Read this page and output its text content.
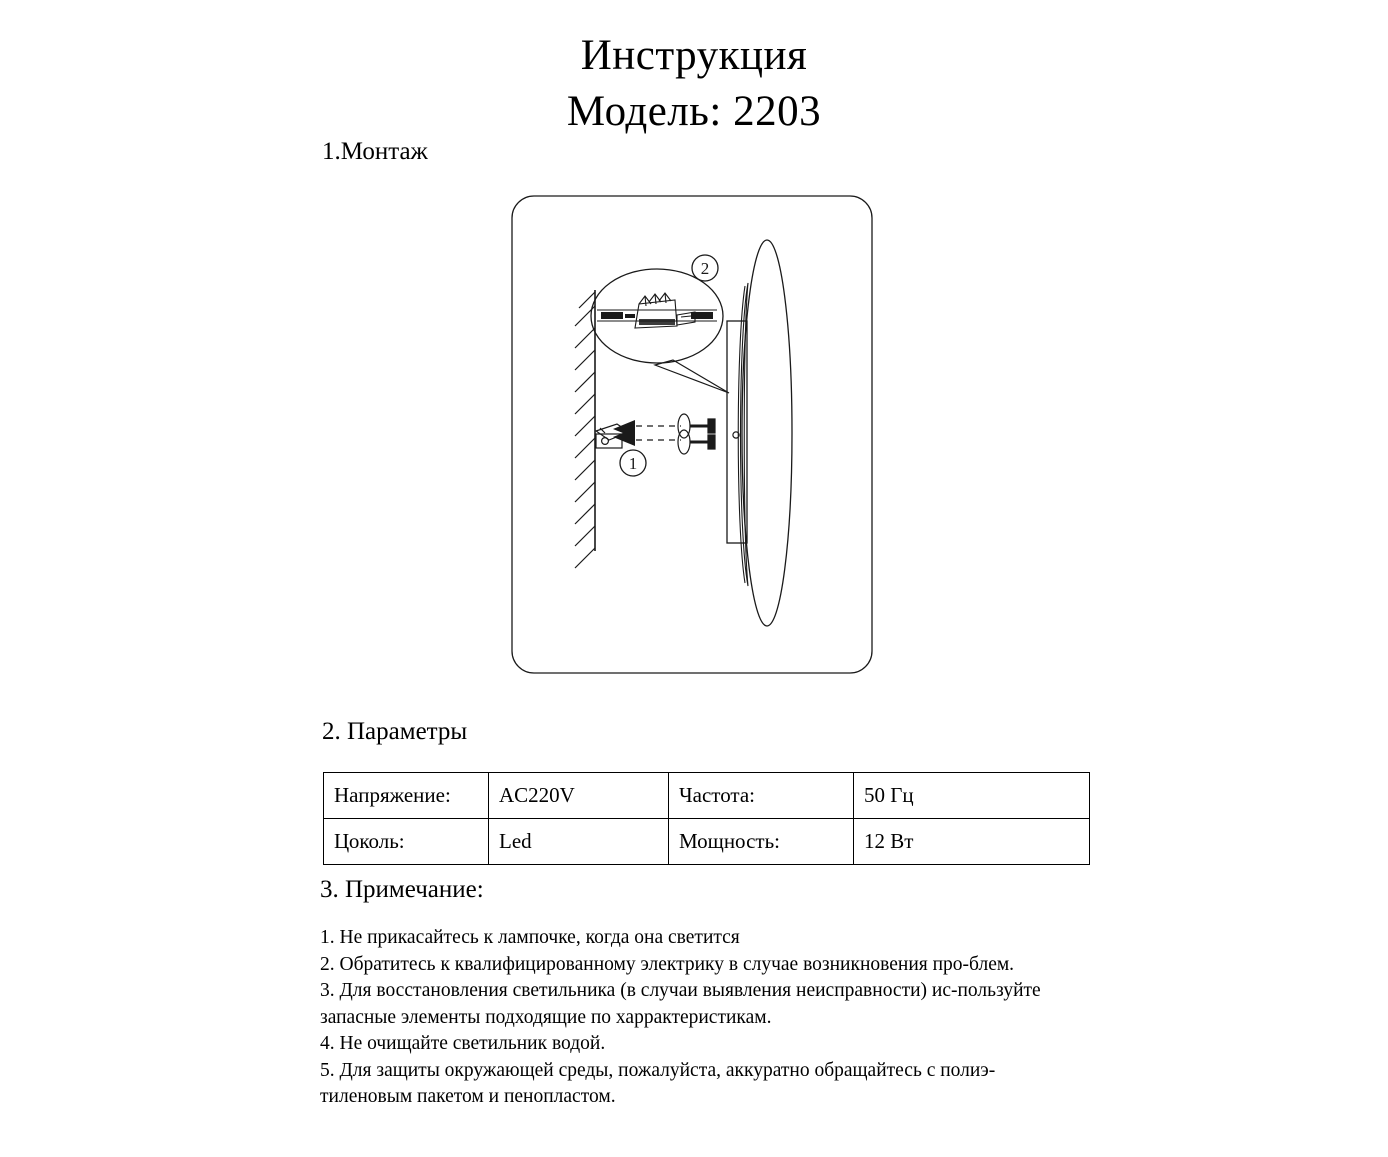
Инструкция
Модель: 2203
1.Монтаж
2
1
2. Параметры
Напряжение:	AC220V	Частота:	50 Гц
Цоколь:	Led	Мощность:	12 Вт
3. Примечание:

1. Не прикасайтесь к лампочке, когда она светится

2. Обратитесь к квалифицированному электрику в случае возникновения про-блем.

3. Для восстановления светильника (в случаи выявления неисправности) ис-пользуйте запасные элементы подходящие по харрактеристикам.

4. Не очищайте светильник водой.

5. Для защиты окружающей среды, пожалуйста, аккуратно обращайтесь с полиэ-тиленовым пакетом и пенопластом.
